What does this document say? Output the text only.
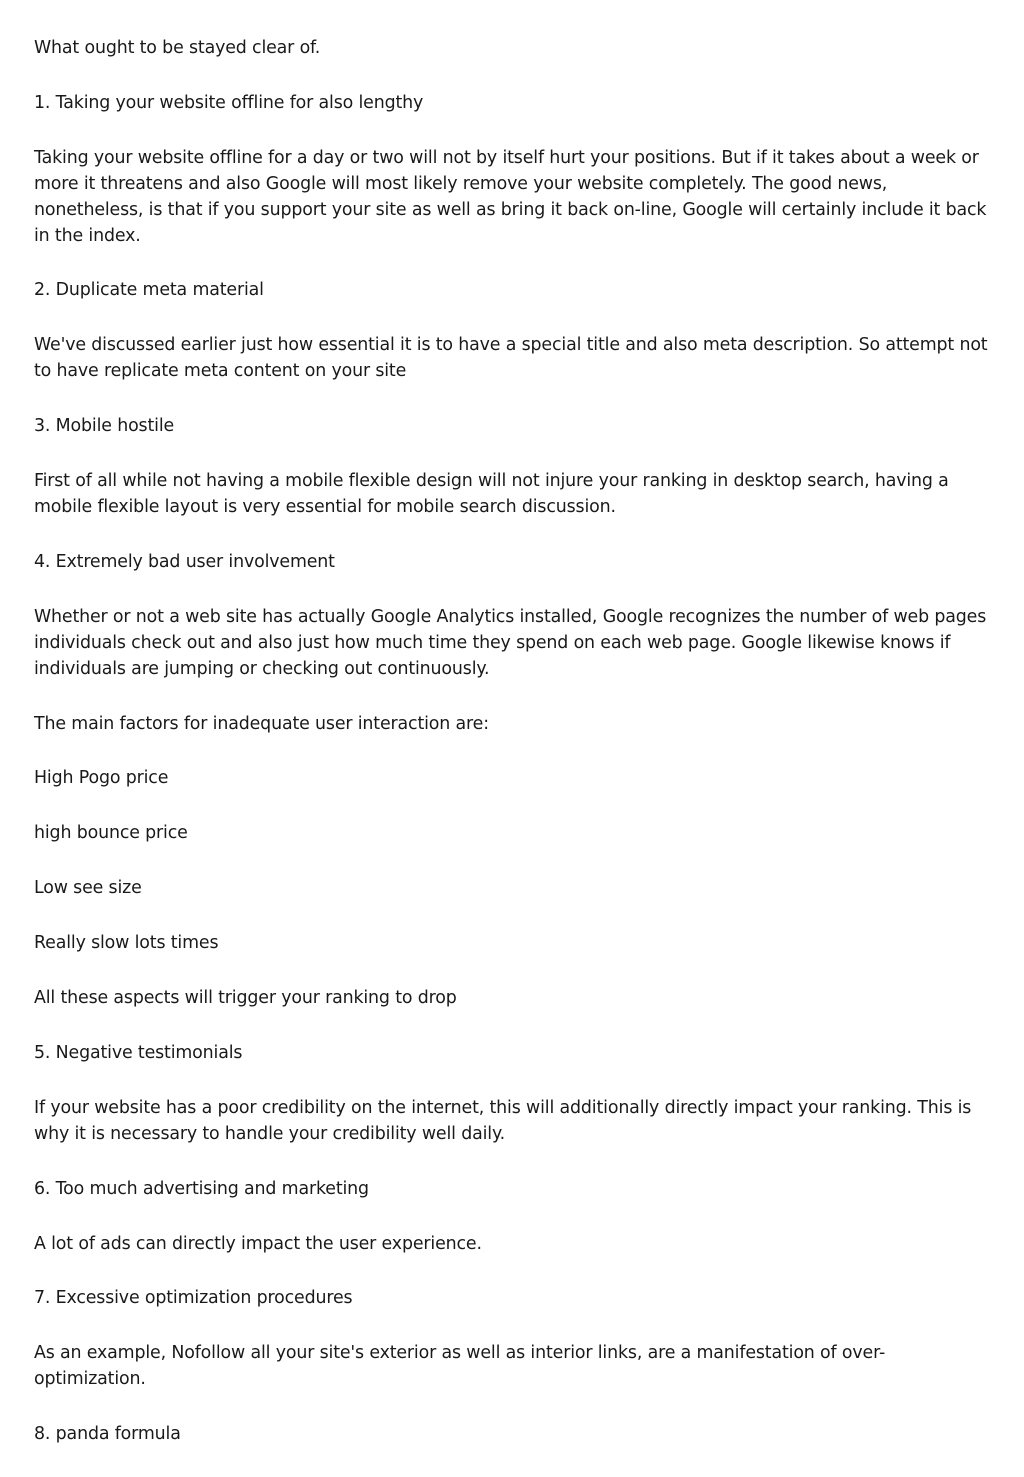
What ought to be stayed clear of.

1. Taking your website offline for also lengthy

Taking your website offline for a day or two will not by itself hurt your positions. But if it takes about a week or more it threatens and also Google will most likely remove your website completely. The good news, nonetheless, is that if you support your site as well as bring it back on-line, Google will certainly include it back in the index.

2. Duplicate meta material

We've discussed earlier just how essential it is to have a special title and also meta description. So attempt not to have replicate meta content on your site

3. Mobile hostile

First of all while not having a mobile flexible design will not injure your ranking in desktop search, having a mobile flexible layout is very essential for mobile search discussion.

4. Extremely bad user involvement

Whether or not a web site has actually Google Analytics installed, Google recognizes the number of web pages individuals check out and also just how much time they spend on each web page. Google likewise knows if individuals are jumping or checking out continuously.

The main factors for inadequate user interaction are:

High Pogo price

high bounce price

Low see size

Really slow lots times

All these aspects will trigger your ranking to drop

5. Negative testimonials

If your website has a poor credibility on the internet, this will additionally directly impact your ranking. This is why it is necessary to handle your credibility well daily.

6. Too much advertising and marketing

A lot of ads can directly impact the user experience.

7. Excessive optimization procedures

As an example, Nofollow all your site's exterior as well as interior links, are a manifestation of over-optimization.

8. panda formula
